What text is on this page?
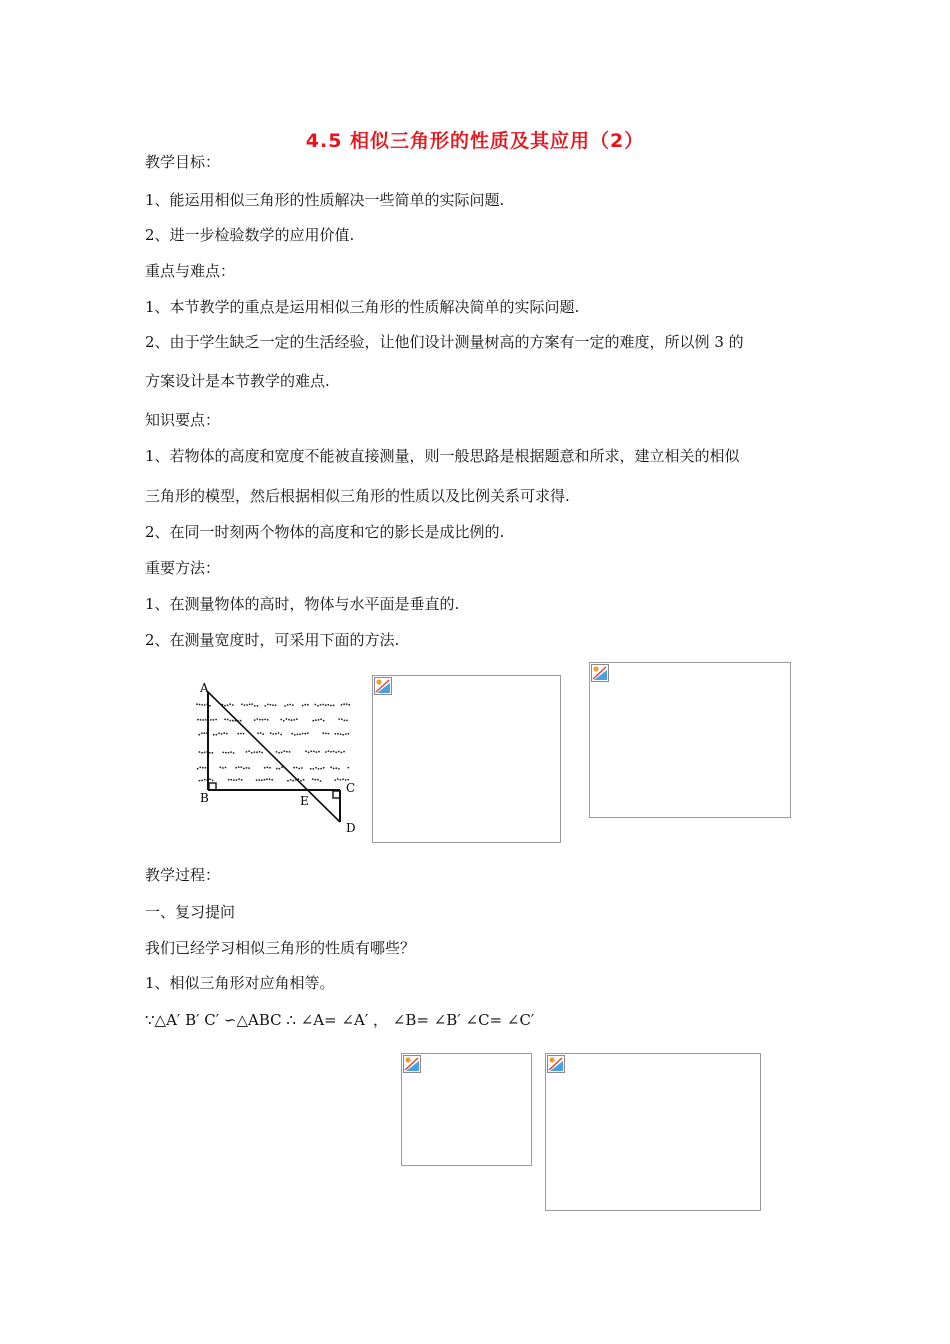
4.5 相似三角形的性质及其应用（2）
教学目标：
1、能运用相似三角形的性质解决一些简单的实际问题.
2、进一步检验数学的应用价值.
重点与难点：
1、本节教学的重点是运用相似三角形的性质解决简单的实际问题.
2、由于学生缺乏一定的生活经验，让他们设计测量树高的方案有一定的难度，所以例 3 的
方案设计是本节教学的难点.
知识要点：
1、若物体的高度和宽度不能被直接测量，则一般思路是根据题意和所求，建立相关的相似
三角形的模型，然后根据相似三角形的性质以及比例关系可求得.
2、在同一时刻两个物体的高度和它的影长是成比例的.
重要方法：
1、在测量物体的高时，物体与水平面是垂直的.
2、在测量宽度时，可采用下面的方法.
A
B
C
D
E
教学过程：
一、复习提问
我们已经学习相似三角形的性质有哪些？
1、相似三角形对应角相等。
∵△A′ B′ C′ ∽△ABC ∴ ∠A= ∠A′ ， ∠B= ∠B′ ∠C= ∠C′
